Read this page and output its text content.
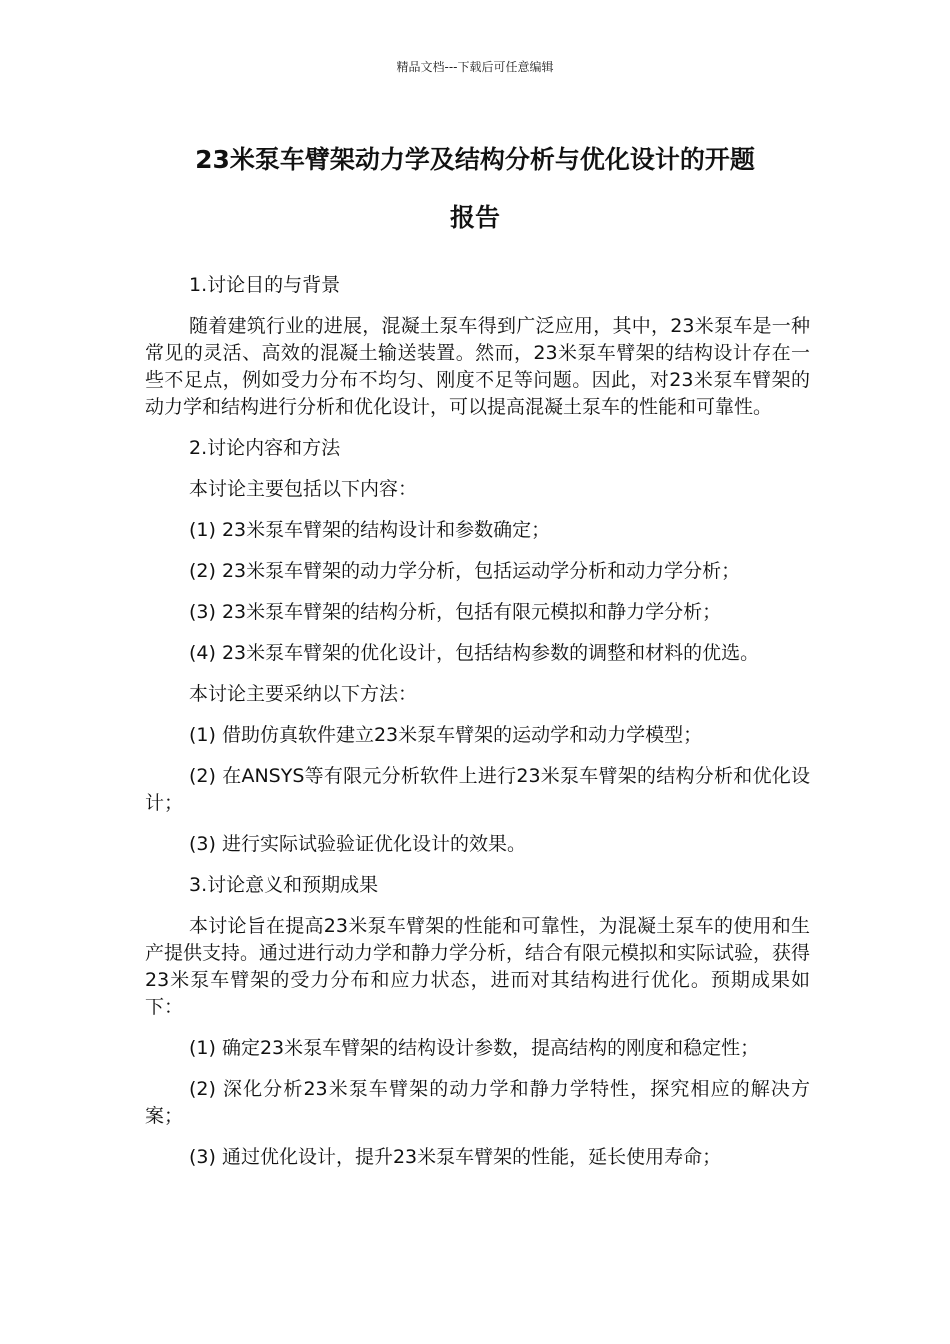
精品文档---下载后可任意编辑
23米泵车臂架动力学及结构分析与优化设计的开题
报告

1.讨论目的与背景

随着建筑行业的进展，混凝土泵车得到广泛应用，其中，23米泵车是一种常见的灵活、高效的混凝土输送装置。然而，23米泵车臂架的结构设计存在一些不足点，例如受力分布不均匀、刚度不足等问题。因此，对23米泵车臂架的动力学和结构进行分析和优化设计，可以提高混凝土泵车的性能和可靠性。

2.讨论内容和方法

本讨论主要包括以下内容：

(1) 23米泵车臂架的结构设计和参数确定；

(2) 23米泵车臂架的动力学分析，包括运动学分析和动力学分析；

(3) 23米泵车臂架的结构分析，包括有限元模拟和静力学分析；

(4) 23米泵车臂架的优化设计，包括结构参数的调整和材料的优选。

本讨论主要采纳以下方法：

(1) 借助仿真软件建立23米泵车臂架的运动学和动力学模型；

(2) 在ANSYS等有限元分析软件上进行23米泵车臂架的结构分析和优化设计；

(3) 进行实际试验验证优化设计的效果。

3.讨论意义和预期成果

本讨论旨在提高23米泵车臂架的性能和可靠性，为混凝土泵车的使用和生产提供支持。通过进行动力学和静力学分析，结合有限元模拟和实际试验，获得23米泵车臂架的受力分布和应力状态，进而对其结构进行优化。预期成果如下：

(1) 确定23米泵车臂架的结构设计参数，提高结构的刚度和稳定性；

(2) 深化分析23米泵车臂架的动力学和静力学特性，探究相应的解决方案；

(3) 通过优化设计，提升23米泵车臂架的性能，延长使用寿命；
